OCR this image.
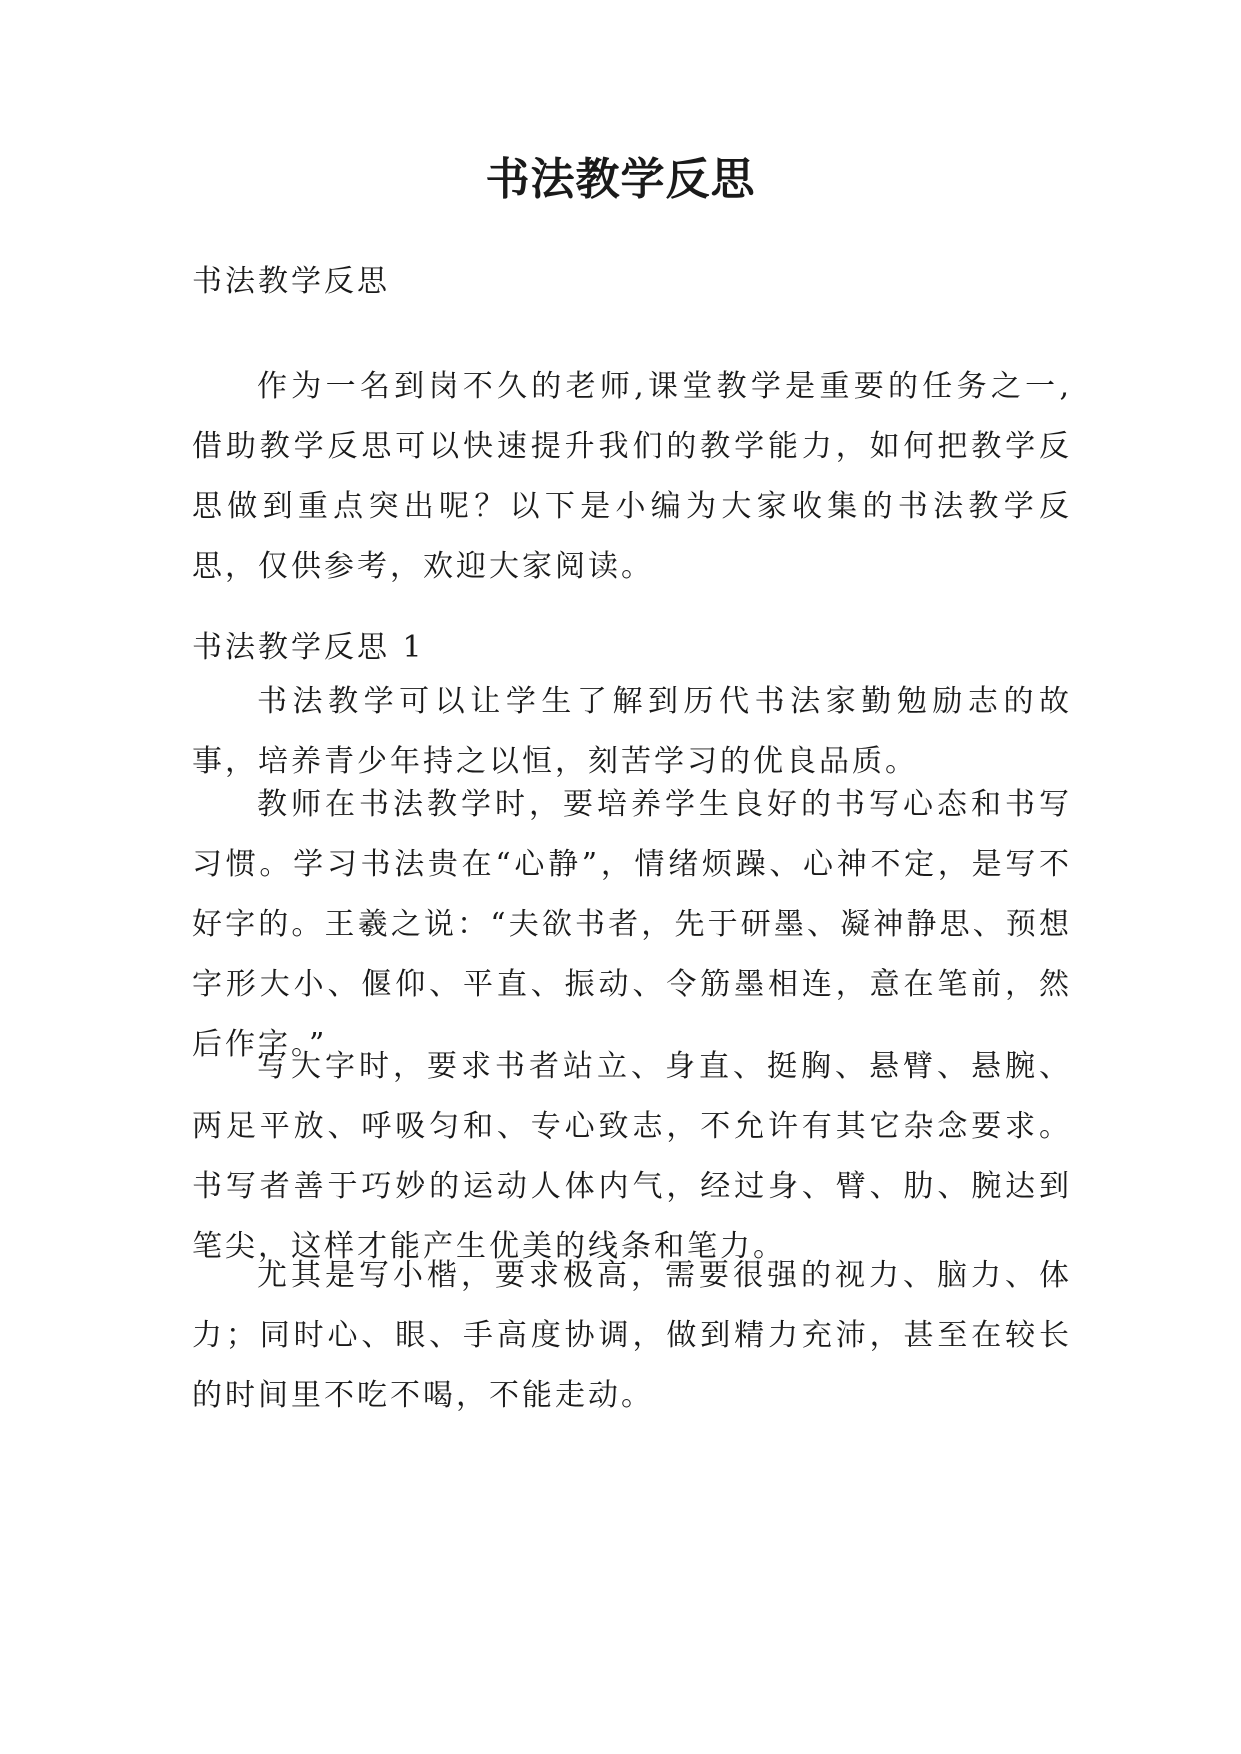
书法教学反思
书法教学反思

作为一名到岗不久的老师,课堂教学是重要的任务之一,借助教学反思可以快速提升我们的教学能力，如何把教学反思做到重点突出呢？以下是小编为大家收集的书法教学反思，仅供参考，欢迎大家阅读。

书法教学反思 1

书法教学可以让学生了解到历代书法家勤勉励志的故事，培养青少年持之以恒，刻苦学习的优良品质。

教师在书法教学时，要培养学生良好的书写心态和书写习惯。学习书法贵在“心静”，情绪烦躁、心神不定，是写不好字的。王羲之说：“夫欲书者，先于研墨、凝神静思、预想字形大小、偃仰、平直、振动、令筋墨相连，意在笔前，然后作字。”

写大字时，要求书者站立、身直、挺胸、悬臂、悬腕、两足平放、呼吸匀和、专心致志，不允许有其它杂念要求。书写者善于巧妙的运动人体内气，经过身、臂、肋、腕达到笔尖，这样才能产生优美的线条和笔力。

尤其是写小楷，要求极高，需要很强的视力、脑力、体力；同时心、眼、手高度协调，做到精力充沛，甚至在较长的时间里不吃不喝，不能走动。
